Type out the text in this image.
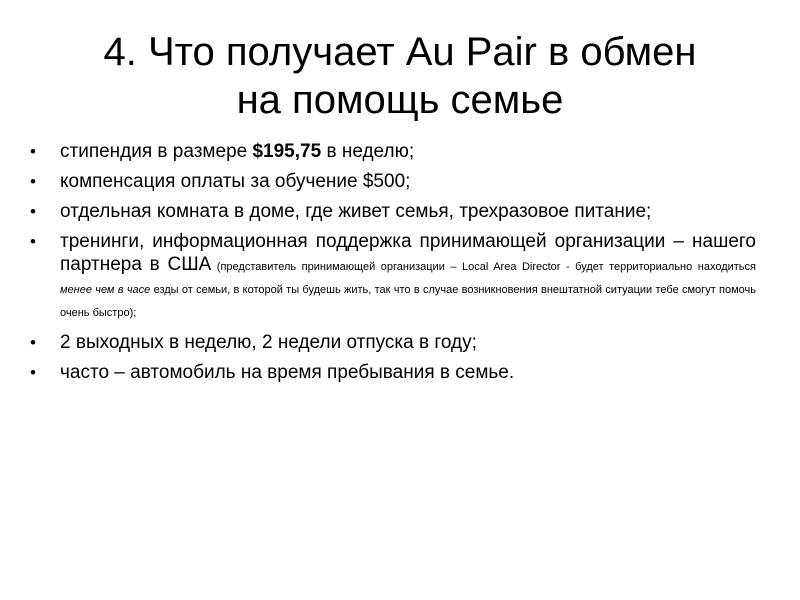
4. Что получает Au Pair в обмен
на помощь семье
•	стипендия в размере $195,75 в неделю;
•	компенсация оплаты за обучение $500;
•	отдельная комната в доме, где живет семья, трехразовое питание;
•	тренинги, информационная поддержка принимающей организации – нашего партнера в США (представитель принимающей организации – Local Area Director - будет территориально находиться менее чем в часе езды от семьи, в которой ты будешь жить, так что в случае возникновения внештатной ситуации тебе смогут помочь очень быстро);
•	2 выходных в неделю, 2 недели отпуска в году;
•	часто – автомобиль на время пребывания в семье.
